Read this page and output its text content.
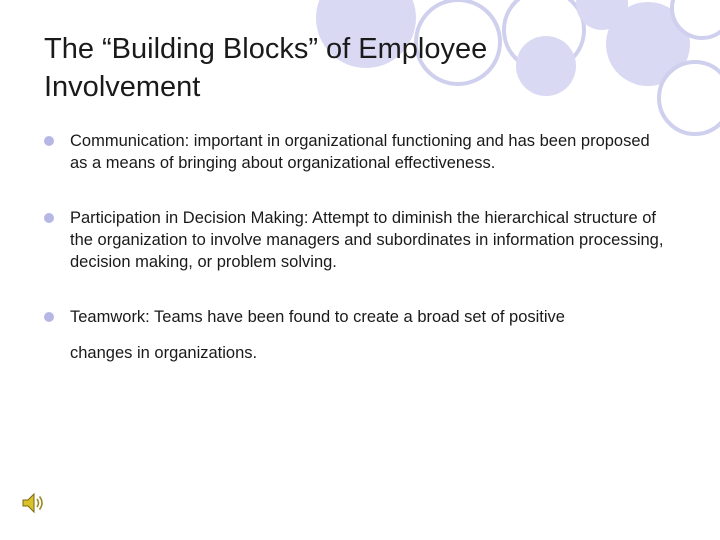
The “Building Blocks” of Employee Involvement
Communication: important in organizational functioning and has been proposed as a means of bringing about organizational effectiveness.
Participation in Decision Making: Attempt to diminish the hierarchical structure of the organization to involve managers and subordinates in information processing, decision making, or problem solving.
Teamwork: Teams have been found to create a broad set of positive
changes in organizations.
